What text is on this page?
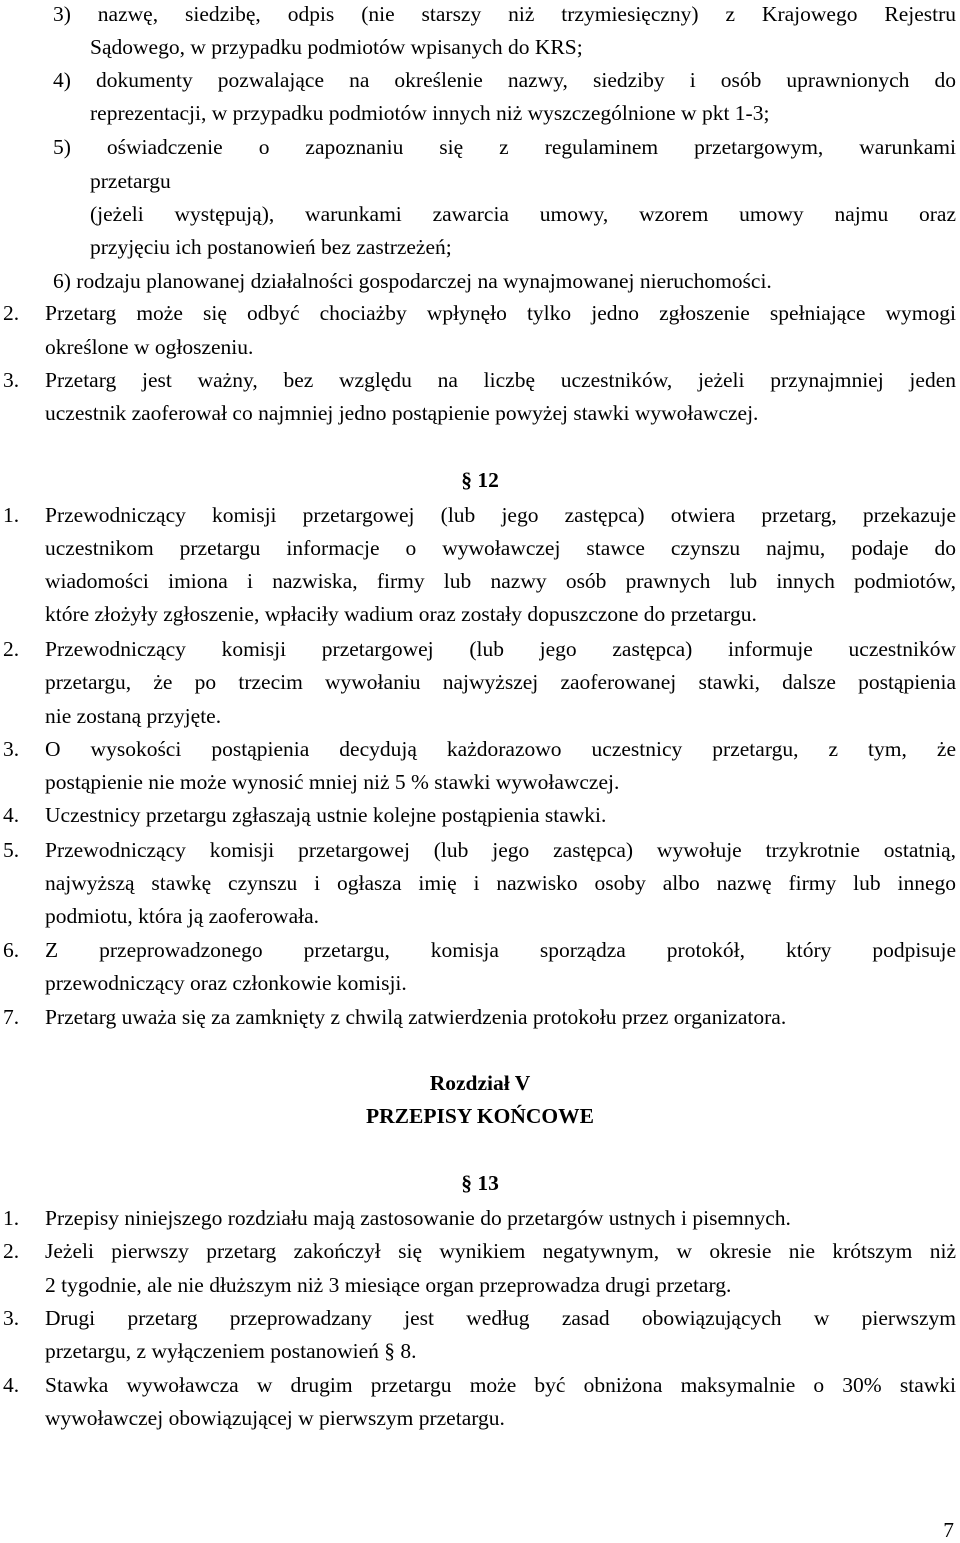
3) nazwę, siedzibę, odpis (nie starszy niż trzymiesięczny) z Krajowego Rejestru
Sądowego, w przypadku podmiotów wpisanych do KRS;
4) dokumenty pozwalające na określenie nazwy, siedziby i osób uprawnionych do
reprezentacji, w przypadku podmiotów innych niż wyszczególnione w pkt 1-3;
5) oświadczenie o zapoznaniu się z regulaminem przetargowym, warunkami
przetargu
(jeżeli występują), warunkami zawarcia umowy, wzorem umowy najmu oraz
przyjęciu ich postanowień bez zastrzeżeń;
6) rodzaju planowanej działalności gospodarczej na wynajmowanej nieruchomości.
2. Przetarg może się odbyć chociażby wpłynęło tylko jedno zgłoszenie spełniające wymogi
określone w ogłoszeniu.
3. Przetarg jest ważny, bez względu na liczbę uczestników, jeżeli przynajmniej jeden
uczestnik zaoferował co najmniej jedno postąpienie powyżej stawki wywoławczej.
§ 12
1. Przewodniczący komisji przetargowej (lub jego zastępca) otwiera przetarg, przekazuje
uczestnikom przetargu informacje o wywoławczej stawce czynszu najmu, podaje do
wiadomości imiona i nazwiska, firmy lub nazwy osób prawnych lub innych podmiotów,
które złożyły zgłoszenie, wpłaciły wadium oraz zostały dopuszczone do przetargu.
2. Przewodniczący komisji przetargowej (lub jego zastępca) informuje uczestników
przetargu, że po trzecim wywołaniu najwyższej zaoferowanej stawki, dalsze postąpienia
nie zostaną przyjęte.
3. O wysokości postąpienia decydują każdorazowo uczestnicy przetargu, z tym, że
postąpienie nie może wynosić mniej niż 5 % stawki wywoławczej.
4. Uczestnicy przetargu zgłaszają ustnie kolejne postąpienia stawki.
5. Przewodniczący komisji przetargowej (lub jego zastępca) wywołuje trzykrotnie ostatnią,
najwyższą stawkę czynszu i ogłasza imię i nazwisko osoby albo nazwę firmy lub innego
podmiotu, która ją zaoferowała.
6. Z przeprowadzonego przetargu, komisja sporządza protokół, który podpisuje
przewodniczący oraz członkowie komisji.
7. Przetarg uważa się za zamknięty z chwilą zatwierdzenia protokołu przez organizatora.
Rozdział V
PRZEPISY KOŃCOWE
§ 13
1. Przepisy niniejszego rozdziału mają zastosowanie do przetargów ustnych i pisemnych.
2. Jeżeli pierwszy przetarg zakończył się wynikiem negatywnym, w okresie nie krótszym niż
2 tygodnie, ale nie dłuższym niż 3 miesiące organ przeprowadza drugi przetarg.
3. Drugi przetarg przeprowadzany jest według zasad obowiązujących w pierwszym
przetargu, z wyłączeniem postanowień § 8.
4. Stawka wywoławcza w drugim przetargu może być obniżona maksymalnie o 30% stawki
wywoławczej obowiązującej w pierwszym przetargu.
7
